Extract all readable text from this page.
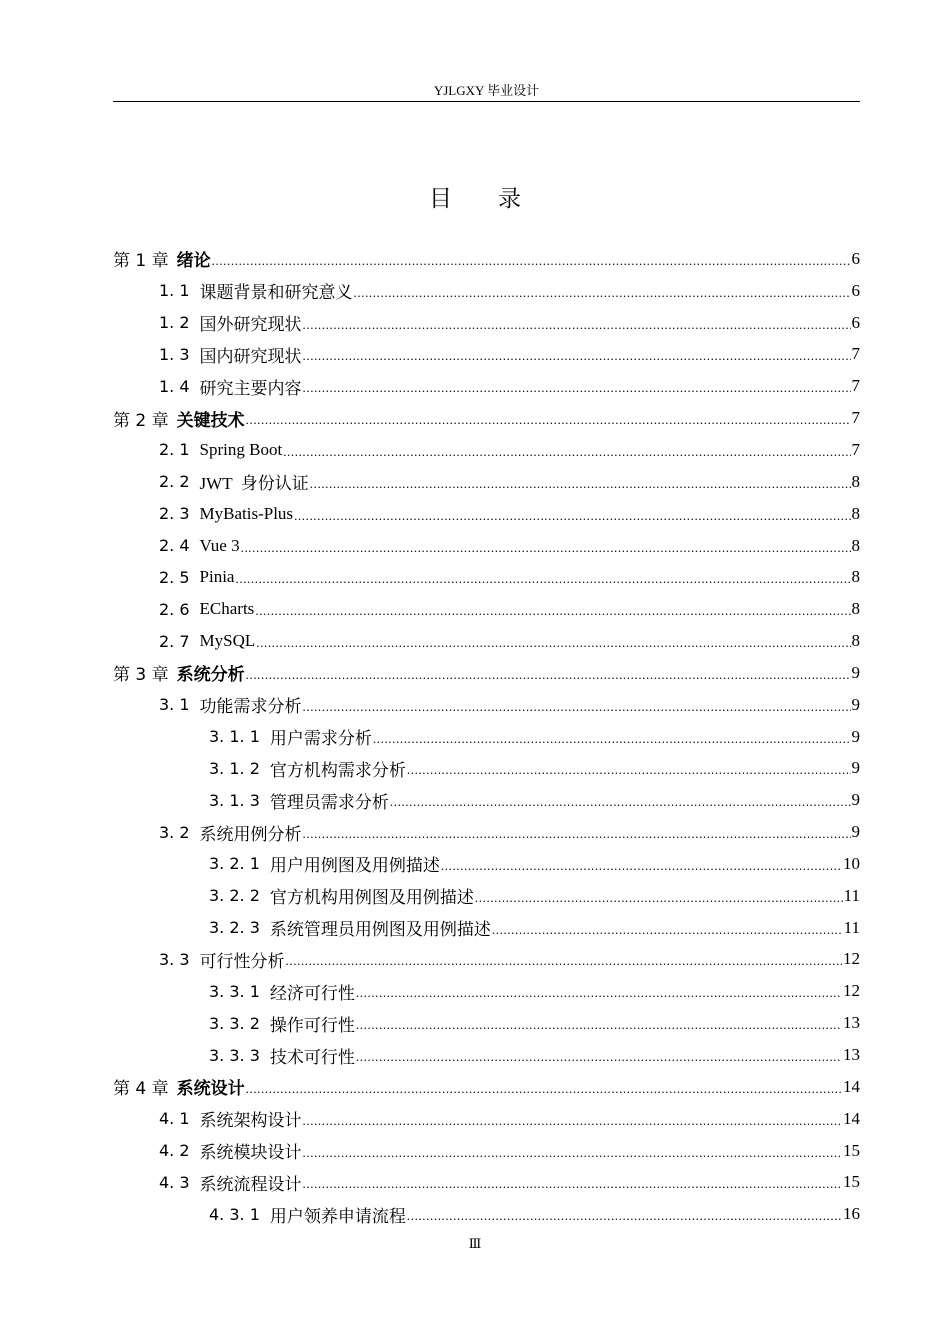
YJLGXY 毕业设计
目 录
第 1 章 绪论 .....	6
1. 1 课题背景和研究意义 .....	6
1. 2 国外研究现状 .....	6
1. 3 国内研究现状 .....	7
1. 4 研究主要内容 .....	7
第 2 章 关键技术 .....	7
2. 1 Spring Boot .....	7
2. 2 JWT  身份认证 .....	8
2. 3 MyBatis-Plus .....	8
2. 4 Vue 3 .....	8
2. 5 Pinia .....	8
2. 6 ECharts .....	8
2. 7 MySQL .....	8
第 3 章 系统分析 .....	9
3. 1 功能需求分析 .....	9
3. 1. 1 用户需求分析 .....	9
3. 1. 2 官方机构需求分析 .....	9
3. 1. 3 管理员需求分析 .....	9
3. 2 系统用例分析 .....	9
3. 2. 1 用户用例图及用例描述 .....	10
3. 2. 2 官方机构用例图及用例描述 .....	11
3. 2. 3 系统管理员用例图及用例描述 .....	11
3. 3 可行性分析 .....	12
3. 3. 1 经济可行性 .....	12
3. 3. 2 操作可行性 .....	13
3. 3. 3 技术可行性 .....	13
第 4 章 系统设计 .....	14
4. 1 系统架构设计 .....	14
4. 2 系统模块设计 .....	15
4. 3 系统流程设计 .....	15
4. 3. 1 用户领养申请流程 .....	16
Ⅲ
